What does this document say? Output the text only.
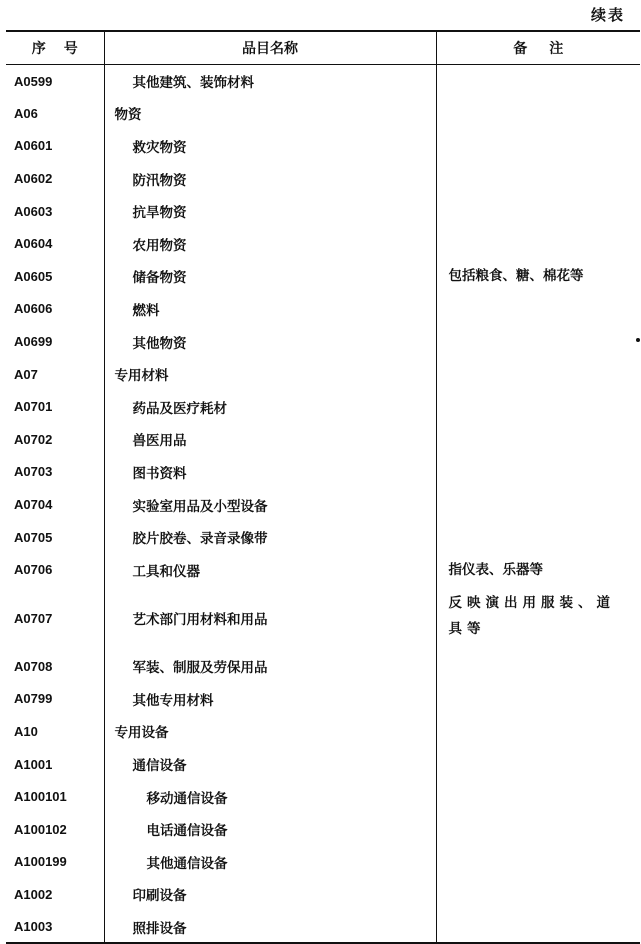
续表
序号	品目名称	备注
A0599	其他建筑、装饰材料	
A06	物资	
A0601	救灾物资	
A0602	防汛物资	
A0603	抗旱物资	
A0604	农用物资	
A0605	储备物资	包括粮食、糖、棉花等
A0606	燃料	
A0699	其他物资	
A07	专用材料	
A0701	药品及医疗耗材	
A0702	兽医用品	
A0703	图书资料	
A0704	实验室用品及小型设备	
A0705	胶片胶卷、录音录像带	
A0706	工具和仪器	指仪表、乐器等
A0707	艺术部门用材料和用品	反映演出用服装、道具等
A0708	军装、制服及劳保用品	
A0799	其他专用材料	
A10	专用设备	
A1001	通信设备	
A100101	移动通信设备	
A100102	电话通信设备	
A100199	其他通信设备	
A1002	印刷设备	
A1003	照排设备	
